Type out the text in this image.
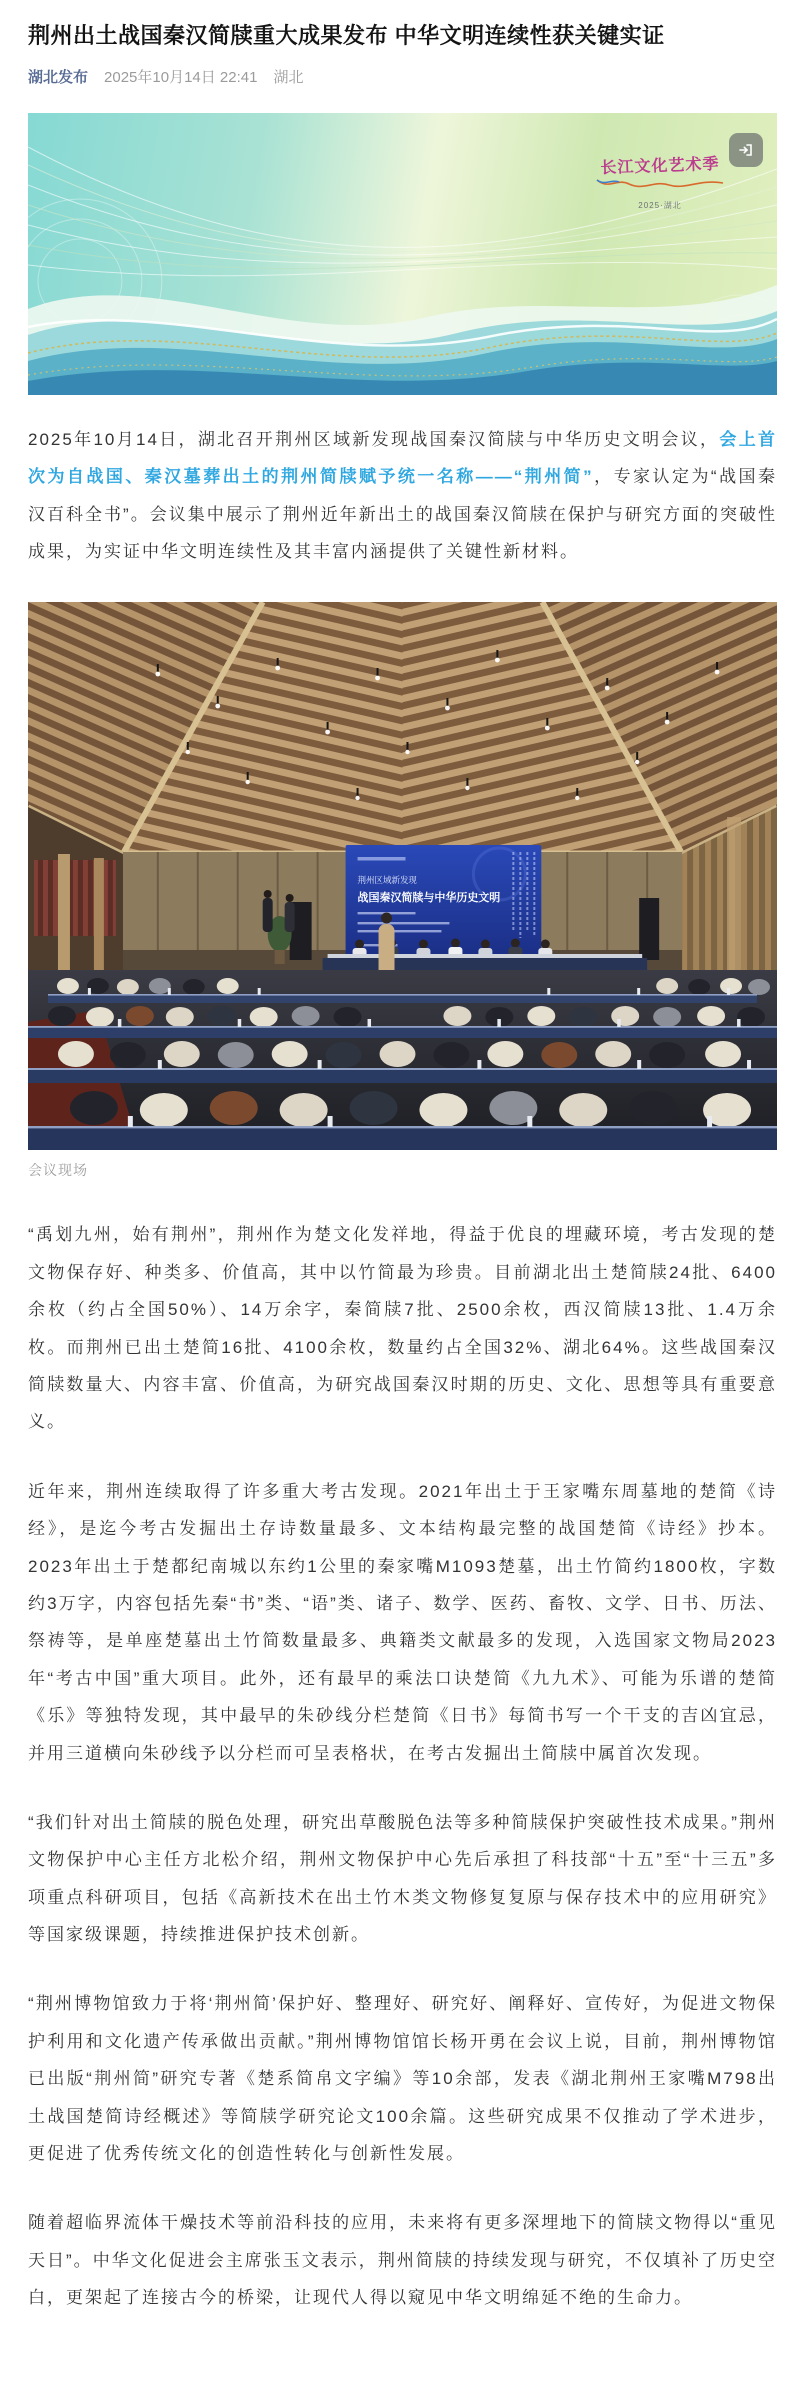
荆州出土战国秦汉简牍重大成果发布 中华文明连续性获关键实证
湖北发布 2025年10月14日 22:41 湖北
长江文化艺术季
2025·湖北

2025年10月14日，湖北召开荆州区域新发现战国秦汉简牍与中华历史文明会议，会上首次为自战国、秦汉墓葬出土的荆州简牍赋予统一名称——“荆州简”，专家认定为“战国秦汉百科全书”。会议集中展示了荆州近年新出土的战国秦汉简牍在保护与研究方面的突破性成果，为实证中华文明连续性及其丰富内涵提供了关键性新材料。

荆州区域新发现
战国秦汉简牍与中华历史文明
会议现场

“禹划九州，始有荆州”，荆州作为楚文化发祥地，得益于优良的埋藏环境，考古发现的楚文物保存好、种类多、价值高，其中以竹简最为珍贵。目前湖北出土楚简牍24批、6400余枚（约占全国50%）、14万余字，秦简牍7批、2500余枚，西汉简牍13批、1.4万余枚。而荆州已出土楚简16批、4100余枚，数量约占全国32%、湖北64%。这些战国秦汉简牍数量大、内容丰富、价值高，为研究战国秦汉时期的历史、文化、思想等具有重要意义。

近年来，荆州连续取得了许多重大考古发现。2021年出土于王家嘴东周墓地的楚简《诗经》，是迄今考古发掘出土存诗数量最多、文本结构最完整的战国楚简《诗经》抄本。 2023年出土于楚都纪南城以东约1公里的秦家嘴M1093楚墓，出土竹简约1800枚，字数约3万字，内容包括先秦“书”类、“语”类、诸子、数学、医药、畜牧、文学、日书、历法、祭祷等，是单座楚墓出土竹简数量最多、典籍类文献最多的发现，入选国家文物局2023年“考古中国”重大项目。此外，还有最早的乘法口诀楚简《九九术》、可能为乐谱的楚简《乐》等独特发现，其中最早的朱砂线分栏楚简《日书》每简书写一个干支的吉凶宜忌，并用三道横向朱砂线予以分栏而可呈表格状，在考古发掘出土简牍中属首次发现。

“我们针对出土简牍的脱色处理，研究出草酸脱色法等多种简牍保护突破性技术成果。”荆州文物保护中心主任方北松介绍，荆州文物保护中心先后承担了科技部“十五”至“十三五”多项重点科研项目，包括《高新技术在出土竹木类文物修复复原与保存技术中的应用研究》等国家级课题，持续推进保护技术创新。

“荆州博物馆致力于将‘荆州简’保护好、整理好、研究好、阐释好、宣传好，为促进文物保护利用和文化遗产传承做出贡献。”荆州博物馆馆长杨开勇在会议上说，目前，荆州博物馆已出版“荆州简”研究专著《楚系简帛文字编》等10余部，发表《湖北荆州王家嘴M798出土战国楚简诗经概述》等简牍学研究论文100余篇。这些研究成果不仅推动了学术进步，更促进了优秀传统文化的创造性转化与创新性发展。

随着超临界流体干燥技术等前沿科技的应用，未来将有更多深埋地下的简牍文物得以“重见天日”。中华文化促进会主席张玉文表示，荆州简牍的持续发现与研究，不仅填补了历史空白，更架起了连接古今的桥梁，让现代人得以窥见中华文明绵延不绝的生命力。
